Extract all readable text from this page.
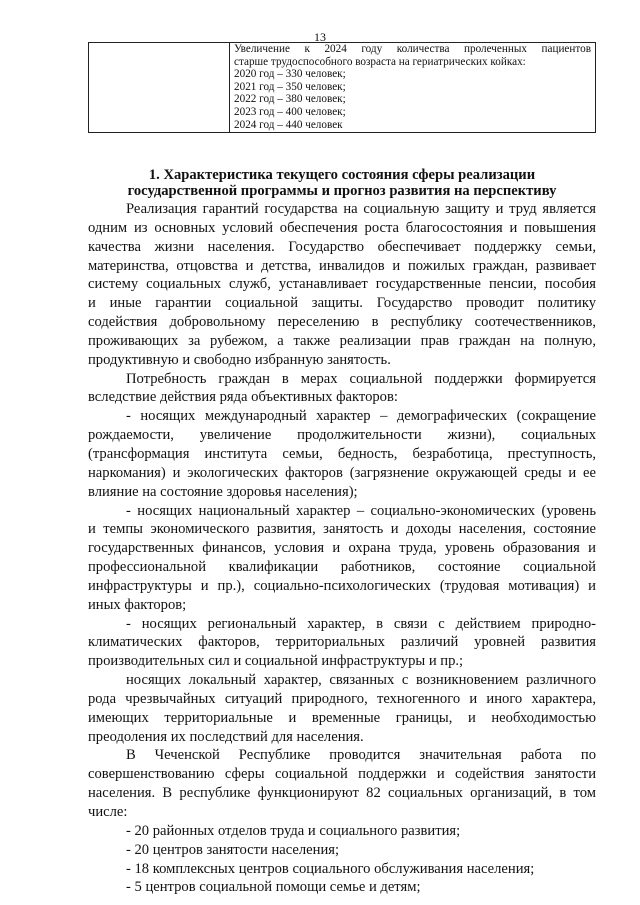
13

Увеличение к 2024 году количества пролеченных пациентов
старше трудоспособного возраста на гериатрических койках:
2020 год – 330 человек;
2021 год – 350 человек;
2022 год – 380 человек;
2023 год – 400 человек;
2024 год – 440 человек
1. Характеристика текущего состояния сферы реализации
государственной программы и прогноз развития на перспективу
Реализация гарантий государства на социальную защиту и труд является
одним из основных условий обеспечения роста благосостояния и повышения
качества жизни населения. Государство обеспечивает поддержку семьи,
материнства, отцовства и детства, инвалидов и пожилых граждан, развивает
систему социальных служб, устанавливает государственные пенсии, пособия
и иные гарантии социальной защиты. Государство проводит политику
содействия добровольному переселению в республику соотечественников,
проживающих за рубежом, а также реализации прав граждан на полную,
продуктивную и свободно избранную занятость.
Потребность граждан в мерах социальной поддержки формируется
вследствие действия ряда объективных факторов:
- носящих международный характер – демографических (сокращение
рождаемости, увеличение продолжительности жизни), социальных
(трансформация института семьи, бедность, безработица, преступность,
наркомания) и экологических факторов (загрязнение окружающей среды и ее
влияние на состояние здоровья населения);
- носящих национальный характер – социально-экономических (уровень
и темпы экономического развития, занятость и доходы населения, состояние
государственных финансов, условия и охрана труда, уровень образования и
профессиональной квалификации работников, состояние социальной
инфраструктуры и пр.), социально-психологических (трудовая мотивация) и
иных факторов;
- носящих региональный характер, в связи с действием природно-
климатических факторов, территориальных различий уровней развития
производительных сил и социальной инфраструктуры и пр.;
носящих локальный характер, связанных с возникновением различного
рода чрезвычайных ситуаций природного, техногенного и иного характера,
имеющих территориальные и временные границы, и необходимостью
преодоления их последствий для населения.
В Чеченской Республике проводится значительная работа по
совершенствованию сферы социальной поддержки и содействия занятости
населения. В республике функционируют 82 социальных организаций, в том
числе:
- 20 районных отделов труда и социального развития;
- 20 центров занятости населения;
- 18 комплексных центров социального обслуживания населения;
- 5 центров социальной помощи семье и детям;
